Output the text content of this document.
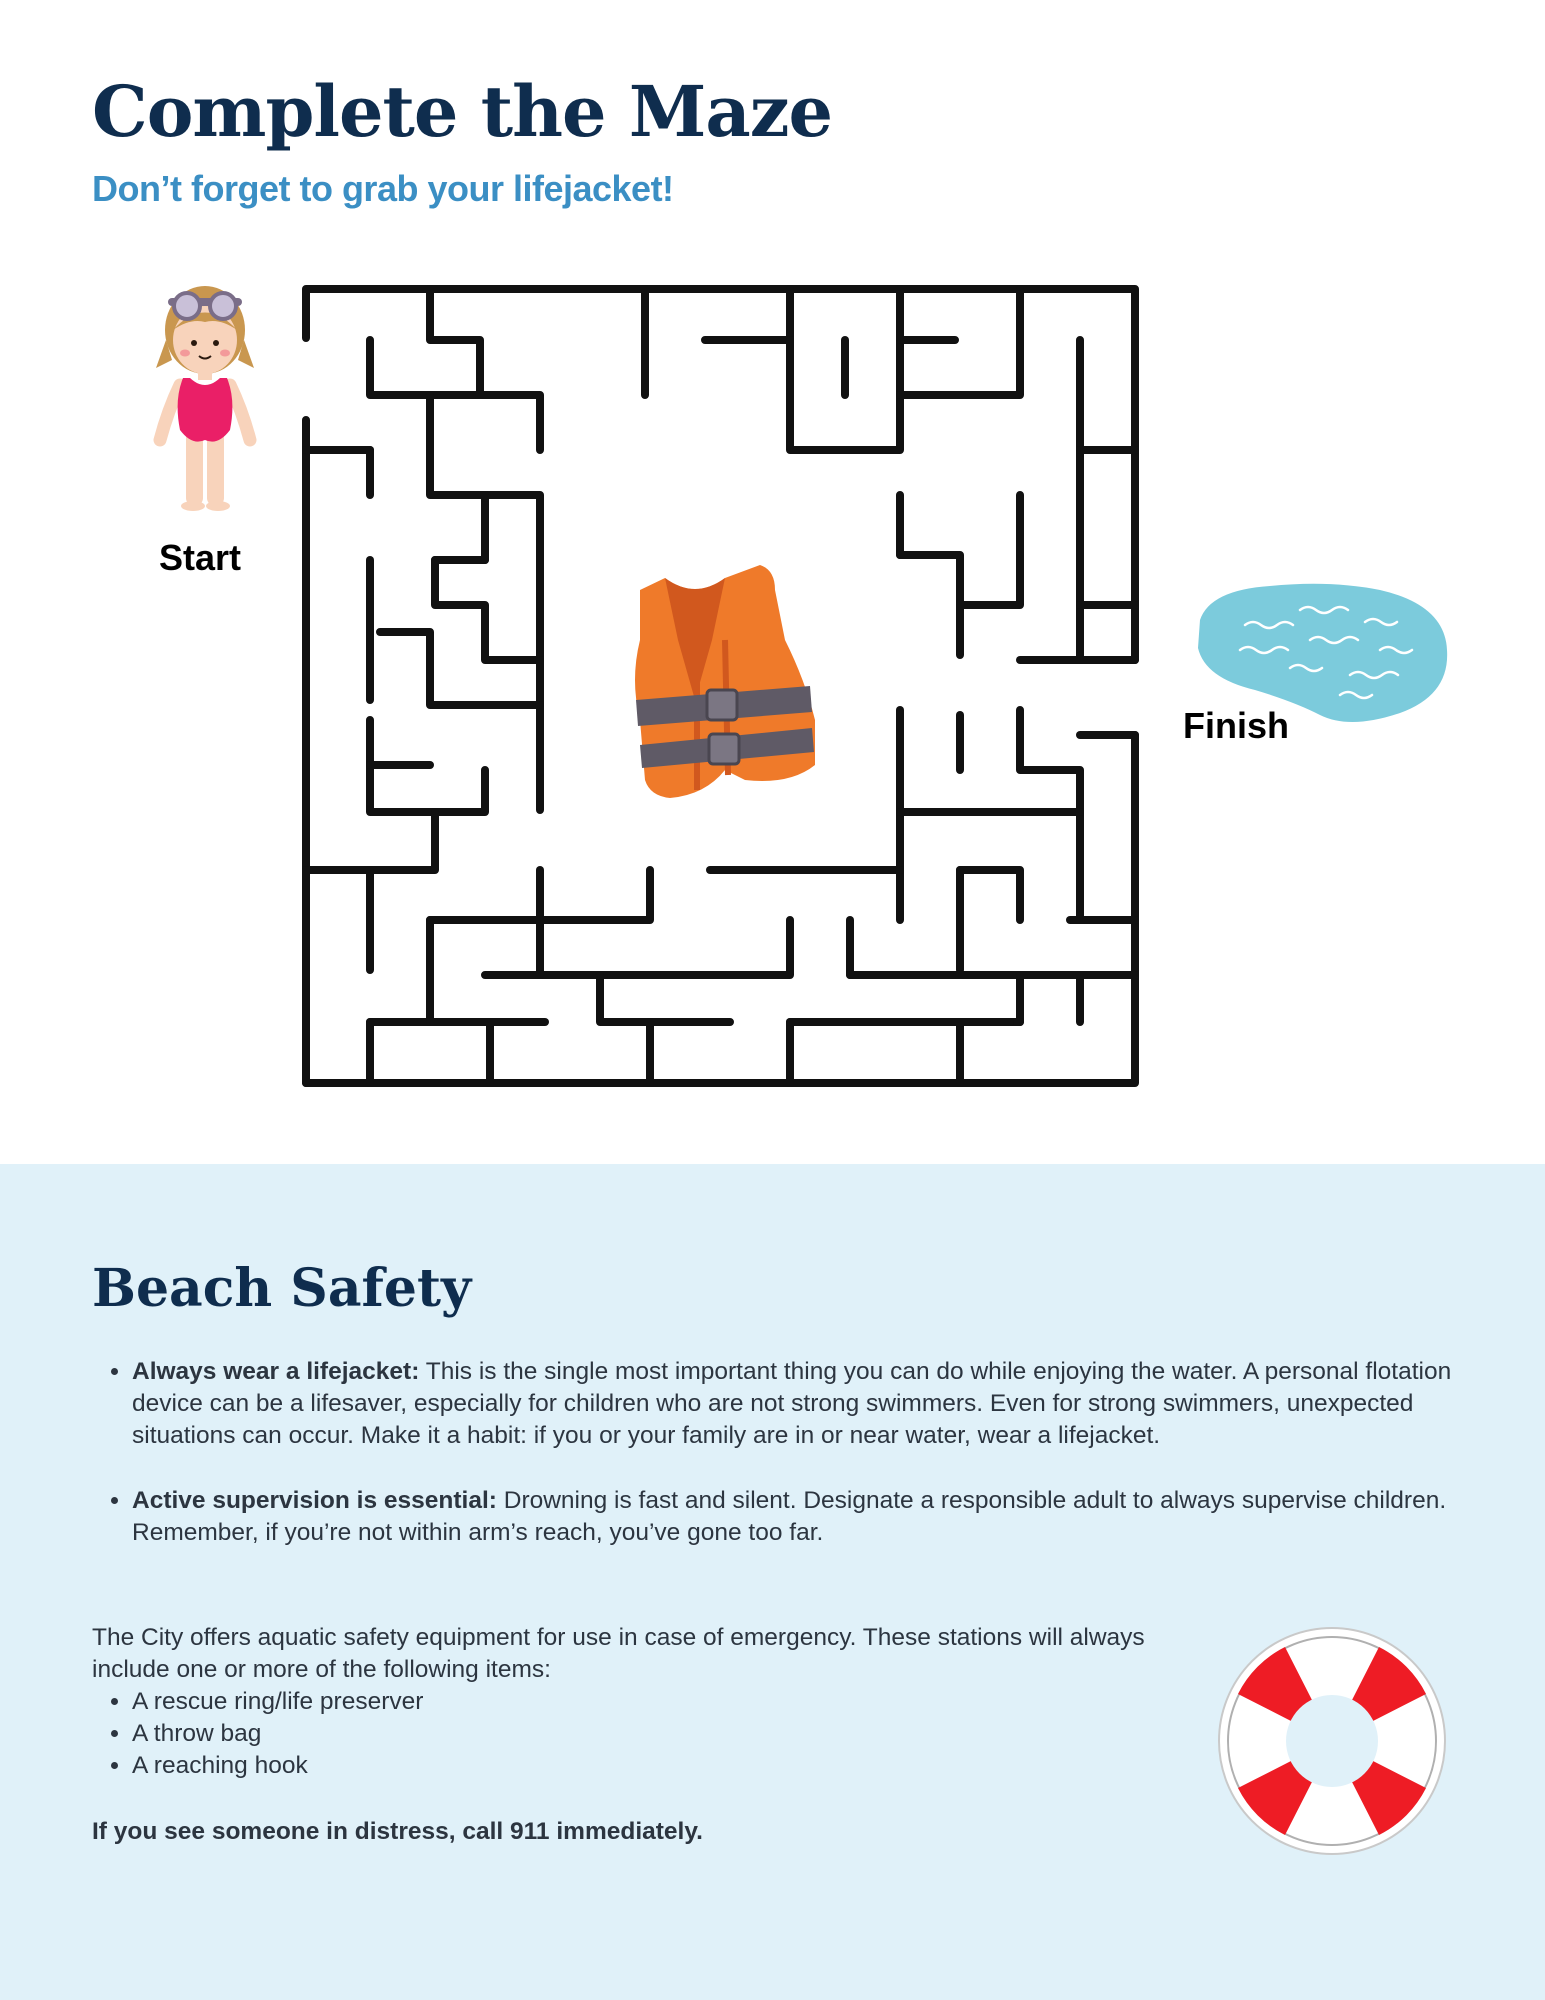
Complete the Maze

Don’t forget to grab your lifejacket!

Start

Finish

Beach Safety
• Always wear a lifejacket: This is the single most important thing you can do while enjoying the water. A personal flotation device can be a lifesaver, especially for children who are not strong swimmers. Even for strong swimmers, unexpected situations can occur. Make it a habit: if you or your family are in or near water, wear a lifejacket.
• Active supervision is essential: Drowning is fast and silent. Designate a responsible adult to always supervise children. Remember, if you’re not within arm’s reach, you’ve gone too far.

The City offers aquatic safety equipment for use in case of emergency. These stations will always include one or more of the following items:

• A rescue ring/life preserver
• A throw bag
• A reaching hook

If you see someone in distress, call 911 immediately.
